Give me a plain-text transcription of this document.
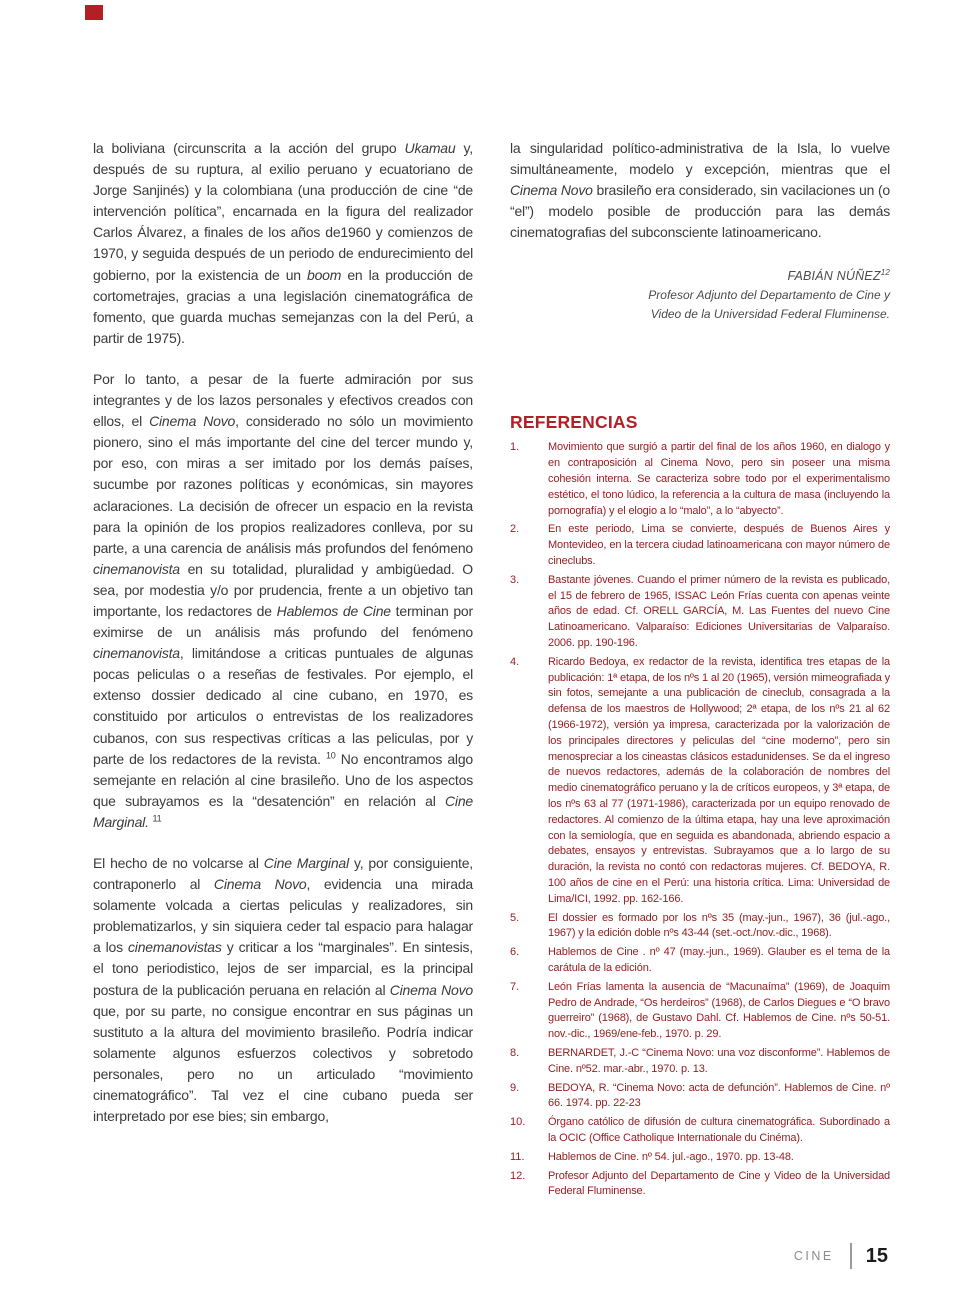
la boliviana (circunscrita a la acción del grupo Ukamau y, después de su ruptura, al exilio peruano y ecuatoriano de Jorge Sanjinés) y la colombiana (una producción de cine “de intervención política”, encarnada en la figura del realizador Carlos Álvarez, a finales de los años de1960 y comienzos de 1970, y seguida después de un periodo de endurecimiento del gobierno, por la existencia de un boom en la producción de cortometrajes, gracias a una legislación cinematográfica de fomento, que guarda muchas semejanzas con la del Perú, a partir de 1975).

Por lo tanto, a pesar de la fuerte admiración por sus integrantes y de los lazos personales y efectivos creados con ellos, el Cinema Novo, considerado no sólo un movimiento pionero, sino el más importante del cine del tercer mundo y, por eso, con miras a ser imitado por los demás países, sucumbe por razones políticas y económicas, sin mayores aclaraciones. La decisión de ofrecer un espacio en la revista para la opinión de los propios realizadores conlleva, por su parte, a una carencia de análisis más profundos del fenómeno cinemanovista en su totalidad, pluralidad y ambigüedad. O sea, por modestia y/o por prudencia, frente a un objetivo tan importante, los redactores de Hablemos de Cine terminan por eximirse de un análisis más profundo del fenómeno cinemanovista, limitándose a criticas puntuales de algunas pocas peliculas o a reseñas de festivales. Por ejemplo, el extenso dossier dedicado al cine cubano, en 1970, es constituido por articulos o entrevistas de los realizadores cubanos, con sus respectivas críticas a las peliculas, por y parte de los redactores de la revista. $^{10}$ No encontramos algo semejante en relación al cine brasileño. Uno de los aspectos que subrayamos es la “desatención” en relación al Cine Marginal. $^{11}$

El hecho de no volcarse al Cine Marginal y, por consiguiente, contraponerlo al Cinema Novo, evidencia una mirada solamente volcada a ciertas peliculas y realizadores, sin problematizarlos, y sin siquiera ceder tal espacio para halagar a los cinemanovistas y criticar a los “marginales”. En sintesis, el tono periodistico, lejos de ser imparcial, es la principal postura de la publicación peruana en relación al Cinema Novo que, por su parte, no consigue encontrar en sus páginas un sustituto a la altura del movimiento brasileño. Podría indicar solamente algunos esfuerzos colectivos y sobretodo personales, pero no un articulado “movimiento cinematográfico”. Tal vez el cine cubano pueda ser interpretado por ese bies; sin embargo,

la singularidad político-administrativa de la Isla, lo vuelve simultáneamente, modelo y excepción, mientras que el Cinema Novo brasileño era considerado, sin vacilaciones un (o “el”) modelo posible de producción para las demás cinematografias del subconsciente latinoamericano.

FABIÁN NÚÑEZ$^{12}$
Profesor Adjunto del Departamento de Cine y
Video de la Universidad Federal Fluminense.
REFERENCIAS
1.	Movimiento que surgió a partir del final de los años 1960, en dialogo y en contraposición al Cinema Novo, pero sin poseer una misma cohesión interna. Se caracteriza sobre todo por el experimentalismo estético, el tono lúdico, la referencia a la cultura de masa (incluyendo la pornografía) y el elogio a lo “malo”, a lo “abyecto”.
2.	En este periodo, Lima se convierte, después de Buenos Aires y Montevideo, en la tercera ciudad latinoamericana con mayor número de cineclubs.
3.	Bastante jóvenes. Cuando el primer número de la revista es publicado, el 15 de febrero de 1965, ISSAC León Frías cuenta con apenas veinte años de edad. Cf. ORELL GARCÍA, M. Las Fuentes del nuevo Cine Latinoamericano. Valparaíso: Ediciones Universitarias de Valparaíso. 2006. pp. 190-196.
4.	Ricardo Bedoya, ex redactor de la revista, identifica tres etapas de la publicación: 1ª etapa, de los nºs 1 al 20 (1965), versión mimeografiada y sin fotos, semejante a una publicación de cineclub, consagrada a la defensa de los maestros de Hollywood; 2ª etapa, de los nºs 21 al 62 (1966-1972), versión ya impresa, caracterizada por la valorización de los principales directores y peliculas del “cine moderno”, pero sin menospreciar a los cineastas clásicos estadunidenses. Se da el ingreso de nuevos redactores, además de la colaboración de nombres del medio cinematográfico peruano y la de críticos europeos, y 3ª etapa, de los nºs 63 al 77 (1971-1986), caracterizada por un equipo renovado de redactores. Al comienzo de la última etapa, hay una leve aproximación con la semiología, que en seguida es abandonada, abriendo espacio a debates, ensayos y entrevistas. Subrayamos que a lo largo de su duración, la revista no contó con redactoras mujeres. Cf. BEDOYA, R. 100 años de cine en el Perú: una historia crítica. Lima: Universidad de Lima/ICI, 1992. pp. 162-166.
5.	El dossier es formado por los nºs 35 (may.-jun., 1967), 36 (jul.-ago., 1967) y la edición doble nºs 43-44 (set.-oct./nov.-dic., 1968).
6.	Hablemos de Cine . nº 47 (may.-jun., 1969). Glauber es el tema de la carátula de la edición.
7.	León Frías lamenta la ausencia de “Macunaíma” (1969), de Joaquim Pedro de Andrade, “Os herdeiros” (1968), de Carlos Diegues e “O bravo guerreiro” (1968), de Gustavo Dahl. Cf. Hablemos de Cine. nºs 50-51. nov.-dic., 1969/ene-feb., 1970. p. 29.
8.	BERNARDET, J.-C “Cinema Novo: una voz disconforme”. Hablemos de Cine. nº52. mar.-abr., 1970. p. 13.
9.	BEDOYA, R. “Cinema Novo: acta de defunción”. Hablemos de Cine. nº 66. 1974. pp. 22-23
10.	Órgano católico de difusión de cultura cinematográfica. Subordinado a la OCIC (Office Catholique Internationale du Cinéma).
11.	Hablemos de Cine. nº 54. jul.-ago., 1970. pp. 13-48.
12.	Profesor Adjunto del Departamento de Cine y Video de la Universidad Federal Fluminense.
CINE 15
